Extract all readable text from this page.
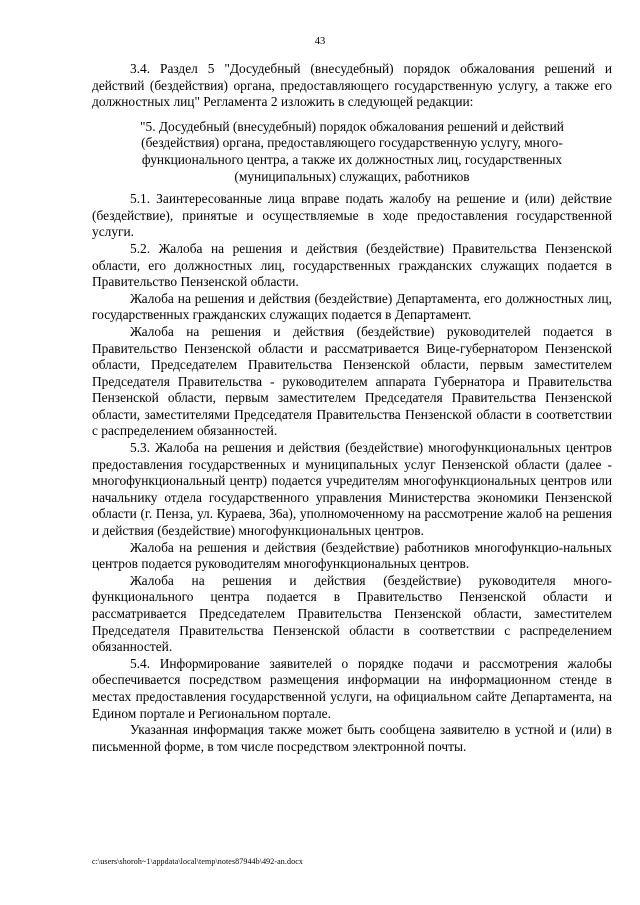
43

3.4. Раздел 5 "Досудебный (внесудебный) порядок обжалования решений и действий (бездействия) органа, предоставляющего государственную услугу, а также его должностных лиц" Регламента 2 изложить в следующей редакции:

"5. Досудебный (внесудебный) порядок обжалования решений и действий (бездействия) органа, предоставляющего государственную услугу, много-функционального центра, а также их должностных лиц, государственных (муниципальных) служащих, работников

5.1. Заинтересованные лица вправе подать жалобу на решение и (или) действие (бездействие), принятые и осуществляемые в ходе предоставления государственной услуги.

5.2. Жалоба на решения и действия (бездействие) Правительства Пензенской области, его должностных лиц, государственных гражданских служащих подается в Правительство Пензенской области.

Жалоба на решения и действия (бездействие) Департамента, его должностных лиц, государственных гражданских служащих подается в Департамент.

Жалоба на решения и действия (бездействие) руководителей подается в Правительство Пензенской области и рассматривается Вице-губернатором Пензенской области, Председателем Правительства Пензенской области, первым заместителем Председателя Правительства - руководителем аппарата Губернатора и Правительства Пензенской области, первым заместителем Председателя Правительства Пензенской области, заместителями Председателя Правительства Пензенской области в соответствии с распределением обязанностей.

5.3. Жалоба на решения и действия (бездействие) многофункциональных центров предоставления государственных и муниципальных услуг Пензенской области (далее - многофункциональный центр) подается учредителям многофункциональных центров или начальнику отдела государственного управления Министерства экономики Пензенской области (г. Пенза, ул. Кураева, 36а), уполномоченному на рассмотрение жалоб на решения и действия (бездействие) многофункциональных центров.

Жалоба на решения и действия (бездействие) работников многофункцио-нальных центров подается руководителям многофункциональных центров.

Жалоба на решения и действия (бездействие) руководителя много-функционального центра подается в Правительство Пензенской области и рассматривается Председателем Правительства Пензенской области, заместителем Председателя Правительства Пензенской области в соответствии с распределением обязанностей.

5.4. Информирование заявителей о порядке подачи и рассмотрения жалобы обеспечивается посредством размещения информации на информационном стенде в местах предоставления государственной услуги, на официальном сайте Департамента, на Едином портале и Региональном портале.

Указанная информация также может быть сообщена заявителю в устной и (или) в письменной форме, в том числе посредством электронной почты.

c:\users\shoroh~1\appdata\local\temp\notes87944b\492-an.docx
